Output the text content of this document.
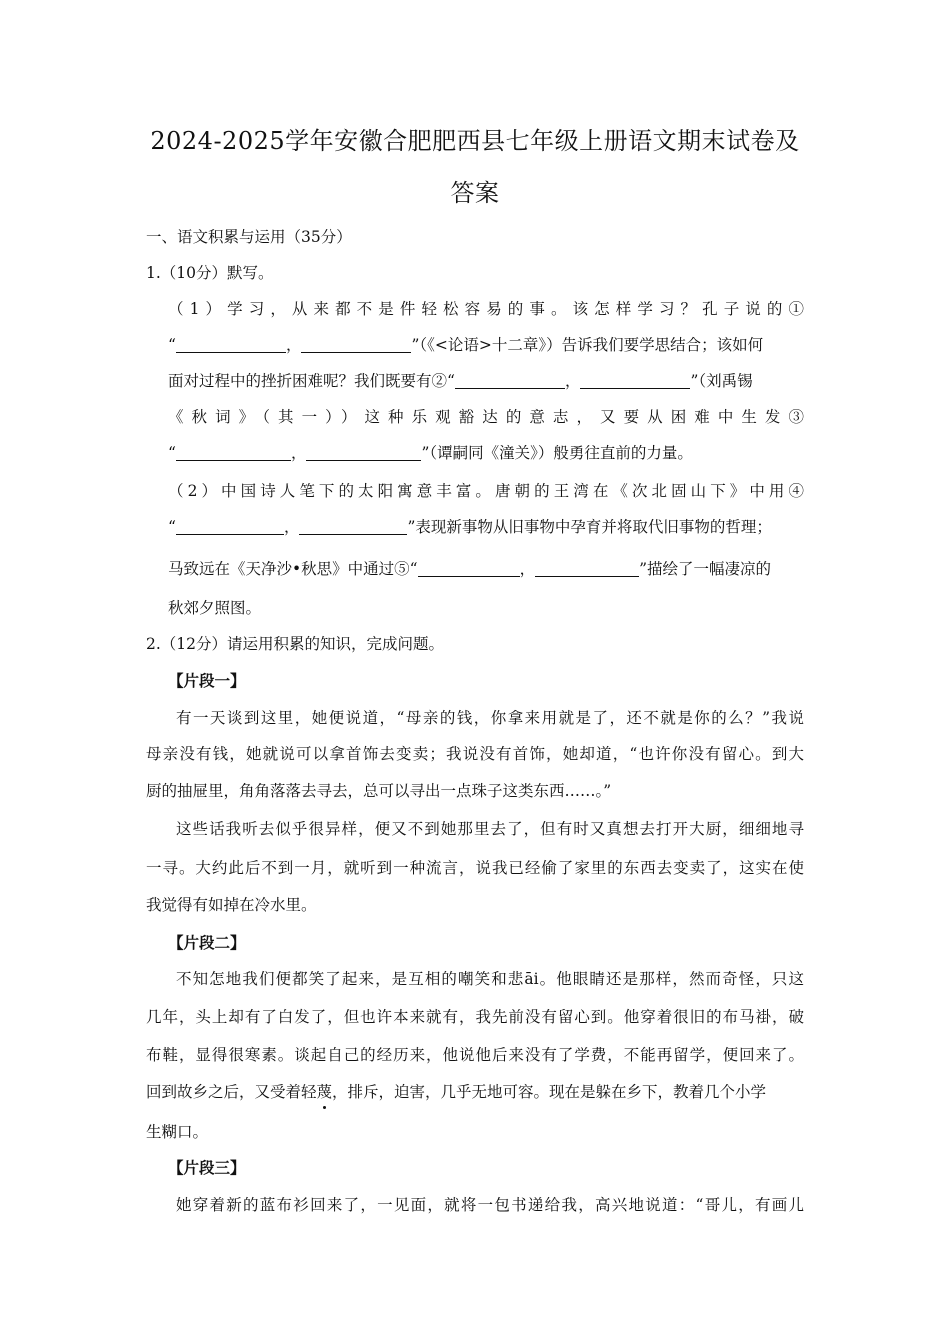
2024-2025学年安徽合肥肥西县七年级上册语文期末试卷及
答案
一、语文积累与运用（35分）
1.（10分）默写。
（1）学习，从来都不是件轻松容易的事。该怎样学习？孔子说的①
“	，	”（《<论语>十二章》）告诉我们要学思结合；该如何
面对过程中的挫折困难呢？我们既要有②“	，	”（刘禹锡
《秋词》（其一））这种乐观豁达的意志，又要从困难中生发③
“	，	”（谭嗣同《潼关》）般勇往直前的力量。
（2）中国诗人笔下的太阳寓意丰富。唐朝的王湾在《次北固山下》中用④
“	，	”表现新事物从旧事物中孕育并将取代旧事物的哲理；
马致远在《天净沙•秋思》中通过⑤“	，	”描绘了一幅凄凉的
秋郊夕照图。
2.（12分）请运用积累的知识，完成问题。
【片段一】
有一天谈到这里，她便说道，“母亲的钱，你拿来用就是了，还不就是你的么？”我说
母亲没有钱，她就说可以拿首饰去变卖；我说没有首饰，她却道，“也许你没有留心。到大
厨的抽屉里，角角落落去寻去，总可以寻出一点珠子这类东西……。”
这些话我听去似乎很异样，便又不到她那里去了，但有时又真想去打开大厨，细细地寻
一寻。大约此后不到一月，就听到一种流言，说我已经偷了家里的东西去变卖了，这实在使
我觉得有如掉在冷水里。
【片段二】
不知怎地我们便都笑了起来，是互相的嘲笑和悲āi。他眼睛还是那样，然而奇怪，只这
几年，头上却有了白发了，但也许本来就有，我先前没有留心到。他穿着很旧的布马褂，破
布鞋，显得很寒素。谈起自己的经历来，他说他后来没有了学费，不能再留学，便回来了。
回到故乡之后，又受着轻蔑，排斥，迫害，几乎无地可容。现在是躲在乡下，教着几个小学
生糊口。
【片段三】
她穿着新的蓝布衫回来了，一见面，就将一包书递给我，高兴地说道：“哥儿，有画儿
